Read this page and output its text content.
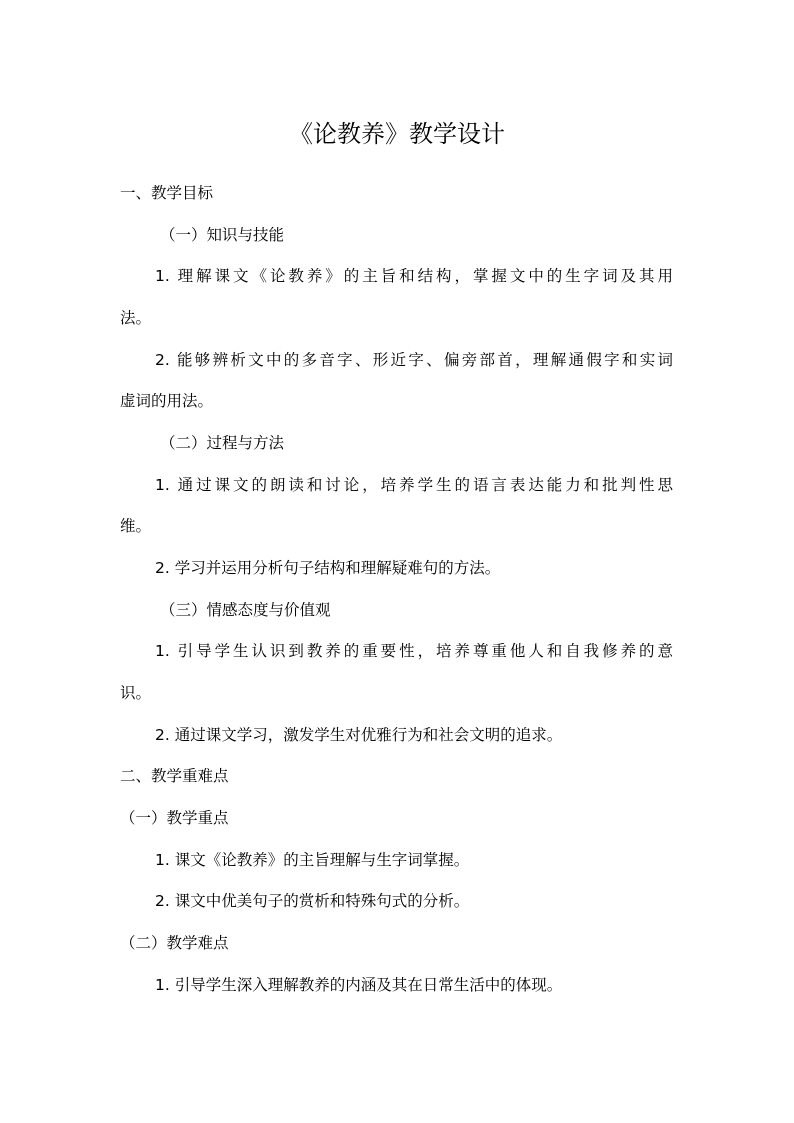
《论教养》教学设计
一、教学目标
（一）知识与技能
1. 理解课文《论教养》的主旨和结构，掌握文中的生字词及其用
法。
2. 能够辨析文中的多音字、形近字、偏旁部首，理解通假字和实词
虚词的用法。
（二）过程与方法
1. 通过课文的朗读和讨论，培养学生的语言表达能力和批判性思
维。
2. 学习并运用分析句子结构和理解疑难句的方法。
（三）情感态度与价值观
1. 引导学生认识到教养的重要性，培养尊重他人和自我修养的意
识。
2. 通过课文学习，激发学生对优雅行为和社会文明的追求。
二、教学重难点
（一）教学重点
1. 课文《论教养》的主旨理解与生字词掌握。
2. 课文中优美句子的赏析和特殊句式的分析。
（二）教学难点
1. 引导学生深入理解教养的内涵及其在日常生活中的体现。
